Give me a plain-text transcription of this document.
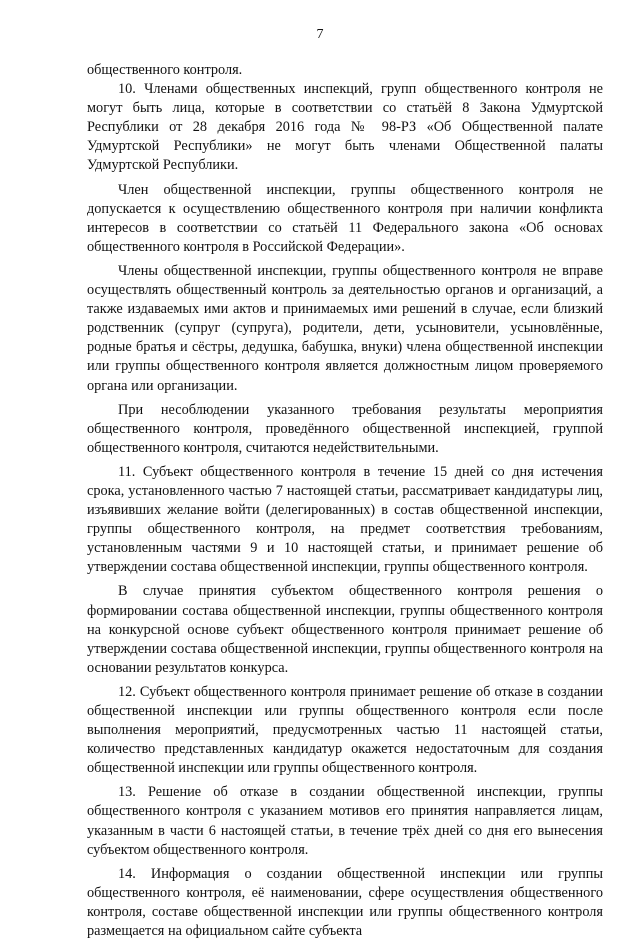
7

общественного контроля.

10. Членами общественных инспекций, групп общественного контроля не могут быть лица, которые в соответствии со статьёй 8 Закона Удмуртской Республики от 28 декабря 2016 года № 98-РЗ «Об Общественной палате Удмуртской Республики» не могут быть членами Общественной палаты Удмуртской Республики.

Член общественной инспекции, группы общественного контроля не допускается к осуществлению общественного контроля при наличии конфликта интересов в соответствии со статьёй 11 Федерального закона «Об основах общественного контроля в Российской Федерации».

Члены общественной инспекции, группы общественного контроля не вправе осуществлять общественный контроль за деятельностью органов и организаций, а также издаваемых ими актов и принимаемых ими решений в случае, если близкий родственник (супруг (супруга), родители, дети, усыновители, усыновлённые, родные братья и сёстры, дедушка, бабушка, внуки) члена общественной инспекции или группы общественного контроля является должностным лицом проверяемого органа или организации.

При несоблюдении указанного требования результаты мероприятия общественного контроля, проведённого общественной инспекцией, группой общественного контроля, считаются недействительными.

11. Субъект общественного контроля в течение 15 дней со дня истечения срока, установленного частью 7 настоящей статьи, рассматривает кандидатуры лиц, изъявивших желание войти (делегированных) в состав общественной инспекции, группы общественного контроля, на предмет соответствия требованиям, установленным частями 9 и 10 настоящей статьи, и принимает решение об утверждении состава общественной инспекции, группы общественного контроля.

В случае принятия субъектом общественного контроля решения о формировании состава общественной инспекции, группы общественного контроля на конкурсной основе субъект общественного контроля принимает решение об утверждении состава общественной инспекции, группы общественного контроля на основании результатов конкурса.

12. Субъект общественного контроля принимает решение об отказе в создании общественной инспекции или группы общественного контроля если после выполнения мероприятий, предусмотренных частью 11 настоящей статьи, количество представленных кандидатур окажется недостаточным для создания общественной инспекции или группы общественного контроля.

13. Решение об отказе в создании общественной инспекции, группы общественного контроля с указанием мотивов его принятия направляется лицам, указанным в части 6 настоящей статьи, в течение трёх дней со дня его вынесения субъектом общественного контроля.

14. Информация о создании общественной инспекции или группы общественного контроля, её наименовании, сфере осуществления общественного контроля, составе общественной инспекции или группы общественного контроля размещается на официальном сайте субъекта
